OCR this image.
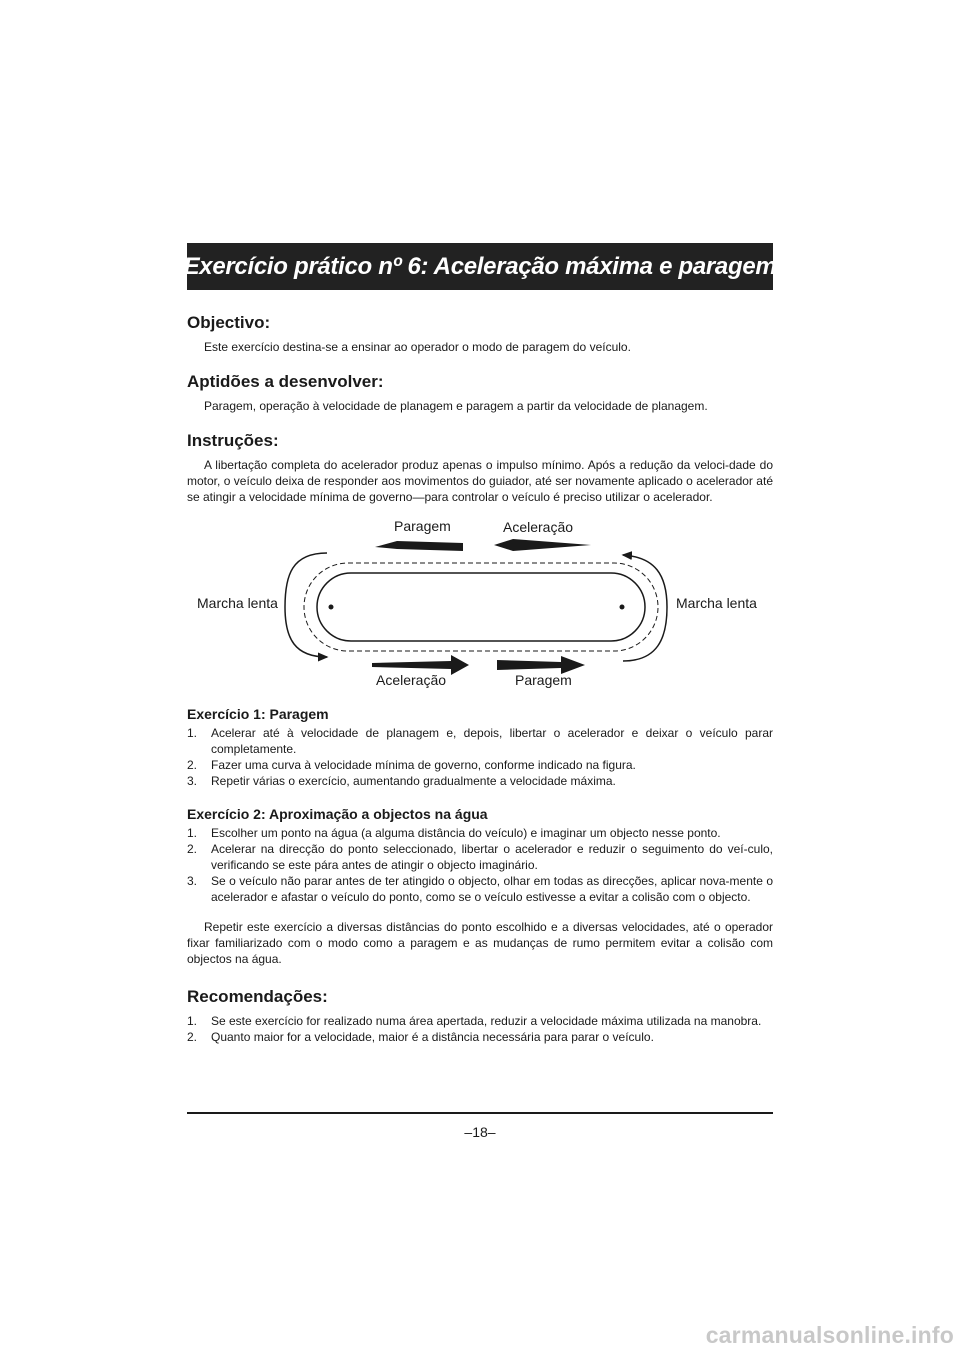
Exercício prático nº 6: Aceleração máxima e paragem
Objectivo:

Este exercício destina-se a ensinar ao operador o modo de paragem do veículo.

Aptidões a desenvolver:

Paragem, operação à velocidade de planagem e paragem a partir da velocidade de planagem.

Instruções:

A libertação completa do acelerador produz apenas o impulso mínimo. Após a redução da veloci-dade do motor, o veículo deixa de responder aos movimentos do guiador, até ser novamente aplicado o acelerador até se atingir a velocidade mínima de governo—para controlar o veículo é preciso utilizar o acelerador.

Paragem	Aceleração
Marcha lenta	Marcha lenta
Aceleração	Paragem
Exercício 1: Paragem
1. Acelerar até à velocidade de planagem e, depois, libertar o acelerador e deixar o veículo parar completamente.
2. Fazer uma curva à velocidade mínima de governo, conforme indicado na figura.
3. Repetir várias o exercício, aumentando gradualmente a velocidade máxima.
Exercício 2: Aproximação a objectos na água
1. Escolher um ponto na água (a alguma distância do veículo) e imaginar um objecto nesse ponto.
2. Acelerar na direcção do ponto seleccionado, libertar o acelerador e reduzir o seguimento do veí-culo, verificando se este pára antes de atingir o objecto imaginário.
3. Se o veículo não parar antes de ter atingido o objecto, olhar em todas as direcções, aplicar nova-mente o acelerador e afastar o veículo do ponto, como se o veículo estivesse a evitar a colisão com o objecto.

Repetir este exercício a diversas distâncias do ponto escolhido e a diversas velocidades, até o operador fixar familiarizado com o modo como a paragem e as mudanças de rumo permitem evitar a colisão com objectos na água.

Recomendações:
1. Se este exercício for realizado numa área apertada, reduzir a velocidade máxima utilizada na manobra.
2. Quanto maior for a velocidade, maior é a distância necessária para parar o veículo.
–18–
carmanualsonline.info
